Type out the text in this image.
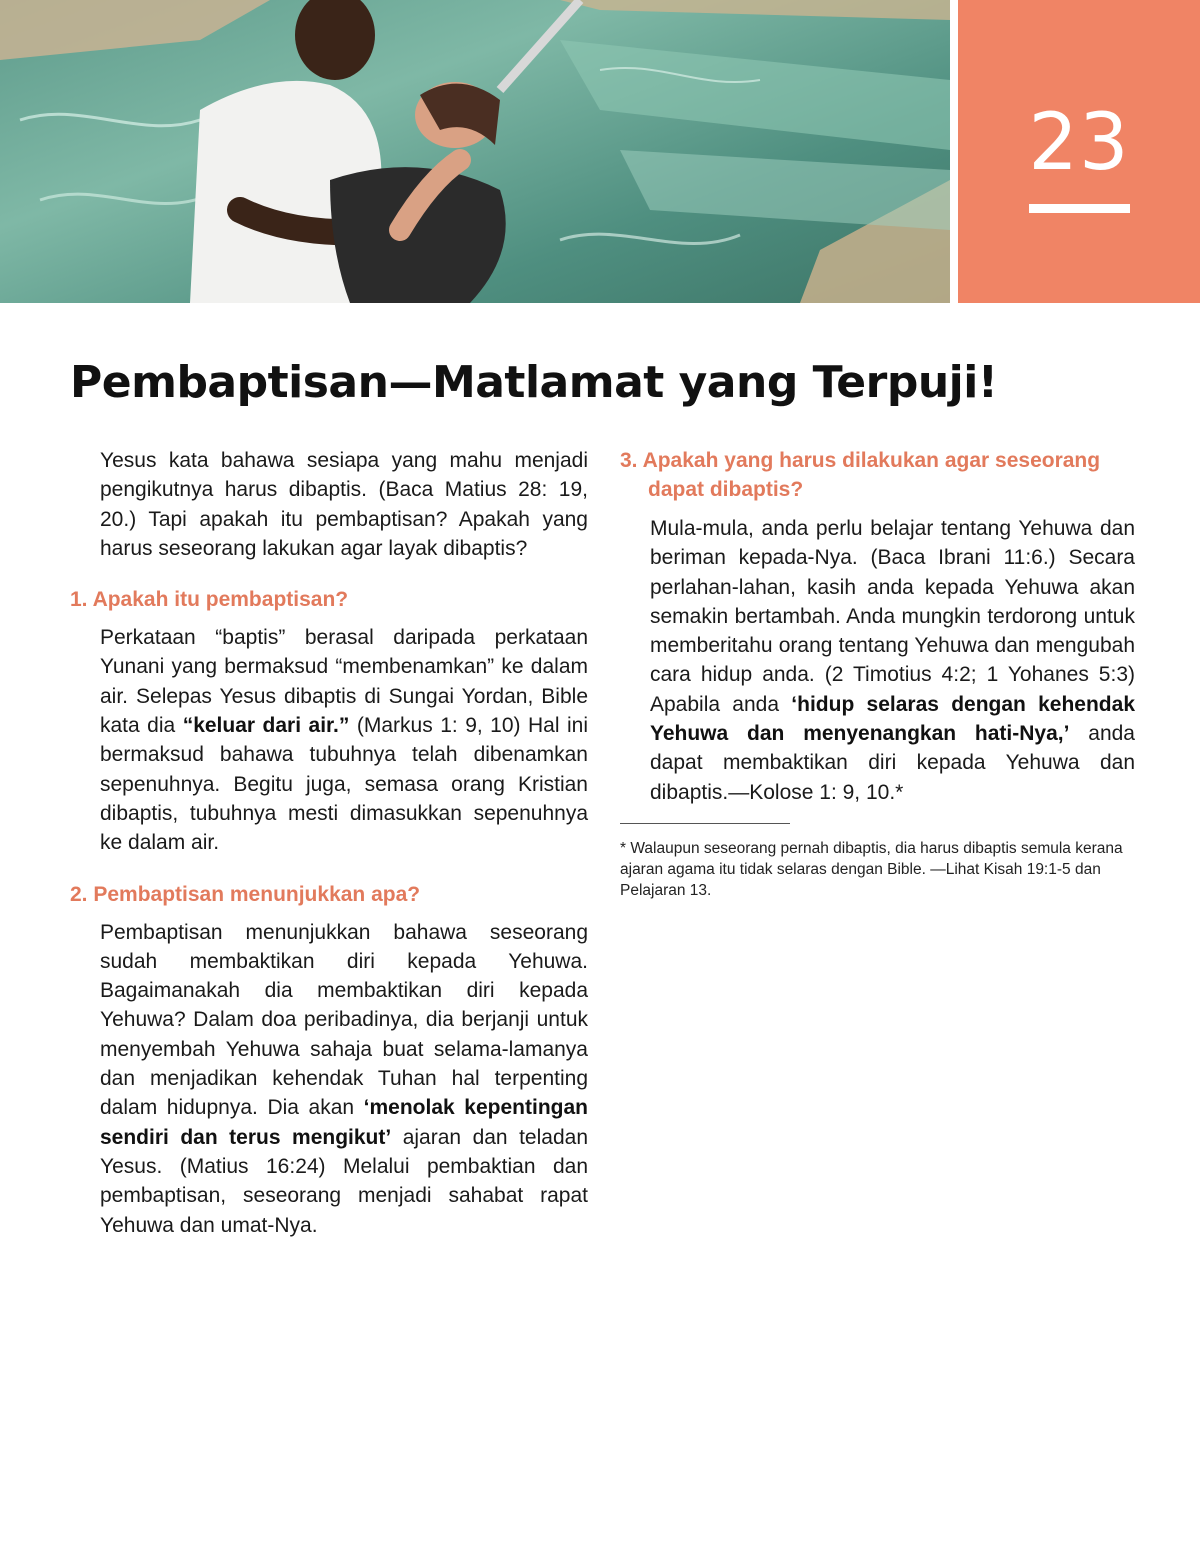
23
Pembaptisan—Matlamat yang Terpuji!

Yesus kata bahawa sesiapa yang mahu menjadi pengikutnya harus dibaptis. (Baca Matius 28: 19, 20.) Tapi apakah itu pembaptisan? Apakah yang harus seseorang lakukan agar layak dibaptis?

1. Apakah itu pembaptisan?

Perkataan “baptis” berasal daripada perkataan Yunani yang bermaksud “membenamkan” ke dalam air. Selepas Yesus dibaptis di Sungai Yordan, Bible kata dia “keluar dari air.” (Markus 1: 9, 10) Hal ini bermaksud bahawa tubuhnya telah dibenamkan sepenuhnya. Begitu juga, semasa orang Kristian dibaptis, tubuhnya mesti dimasukkan sepenuhnya ke dalam air.

2. Pembaptisan menunjukkan apa?

Pembaptisan menunjukkan bahawa seseorang sudah membaktikan diri kepada Yehuwa. Bagaimanakah dia membaktikan diri kepada Yehuwa? Dalam doa peribadinya, dia berjanji untuk menyembah Yehuwa sahaja buat selama-lamanya dan menjadikan kehendak Tuhan hal terpenting dalam hidupnya. Dia akan ‘menolak kepentingan sendiri dan terus mengikut’ ajaran dan teladan Yesus. (Matius 16:24) Melalui pembaktian dan pembaptisan, seseorang menjadi sahabat rapat Yehuwa dan umat-Nya.

3. Apakah yang harus dilakukan agar seseorang dapat dibaptis?

Mula-mula, anda perlu belajar tentang Yehuwa dan beriman kepada-Nya. (Baca Ibrani 11:6.) Secara perlahan-lahan, kasih anda kepada Yehuwa akan semakin bertambah. Anda mungkin terdorong untuk memberitahu orang tentang Yehuwa dan mengubah cara hidup anda. (2 Timotius 4:2; 1 Yohanes 5:3) Apabila anda ‘hidup selaras dengan kehendak Yehuwa dan menyenangkan hati-Nya,’ anda dapat membaktikan diri kepada Yehuwa dan dibaptis.—Kolose 1: 9, 10.*

* Walaupun seseorang pernah dibaptis, dia harus dibaptis semula kerana ajaran agama itu tidak selaras dengan Bible. —Lihat Kisah 19:1-5 dan Pelajaran 13.
